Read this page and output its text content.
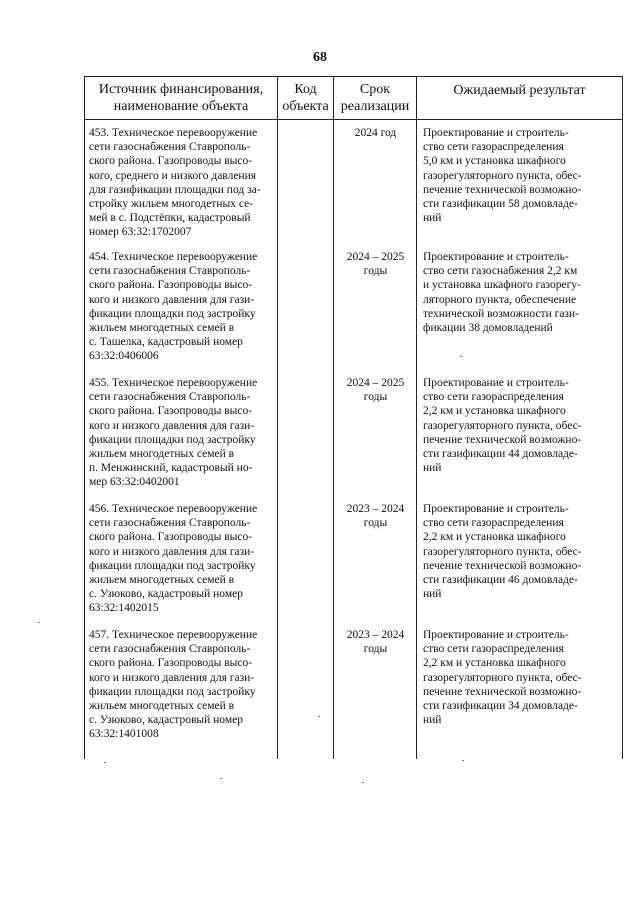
68
Источник финансирования,
наименование объекта
Код
объекта
Срок
реализации
Ожидаемый результат
453. Техническое перевооружение
сети газоснабжения Ставрополь-
ского района. Газопроводы высо-
кого, среднего и низкого давления
для газификации площадки под за-
стройку жильем многодетных се-
мей в с. Подстёпки, кадастровый
номер 63:32:1702007
2024 год	Проектирование и строитель-
ство сети газораспределения
5,0 км и установка шкафного
газорегуляторного пункта, обес-
печение технической возможно-
сти газификации 58 домовладе-
ний
454. Техническое перевооружение
сети газоснабжения Ставрополь-
ского района. Газопроводы высо-
кого и низкого давления для гази-
фикации площадки под застройку
жильем многодетных семей в
с. Ташелка, кадастровый номер
63:32:0406006
2024 – 2025
годы
Проектирование и строитель-
ство сети газоснабжения 2,2 км
и установка шкафного газорегу-
ляторного пункта, обеспечение
технической возможности гази-
фикации 38 домовладений
455. Техническое перевооружение
сети газоснабжения Ставрополь-
ского района. Газопроводы высо-
кого и низкого давления для гази-
фикации площадки под застройку
жильем многодетных семей в
п. Менжинский, кадастровый но-
мер 63:32:0402001
2024 – 2025
годы
Проектирование и строитель-
ство сети газораспределения
2,2 км и установка шкафного
газорегуляторного пункта, обес-
печение технической возможно-
сти газификации 44 домовладе-
ний
456. Техническое перевооружение
сети газоснабжения Ставрополь-
ского района. Газопроводы высо-
кого и низкого давления для гази-
фикации площадки под застройку
жильем многодетных семей в
с. Узюково, кадастровый номер
63:32:1402015
2023 – 2024
годы
Проектирование и строитель-
ство сети газораспределения
2,2 км и установка шкафного
газорегуляторного пункта, обес-
печение технической возможно-
сти газификации 46 домовладе-
ний
457. Техническое перевооружение
сети газоснабжения Ставрополь-
ского района. Газопроводы высо-
кого и низкого давления для гази-
фикации площадки под застройку
жильем многодетных семей в
с. Узюково, кадастровый номер
63:32:1401008
2023 – 2024
годы
Проектирование и строитель-
ство сети газораспределения
2,2 км и установка шкафного
газорегуляторного пункта, обес-
печение технической возможно-
сти газификации 34 домовладе-
ний
